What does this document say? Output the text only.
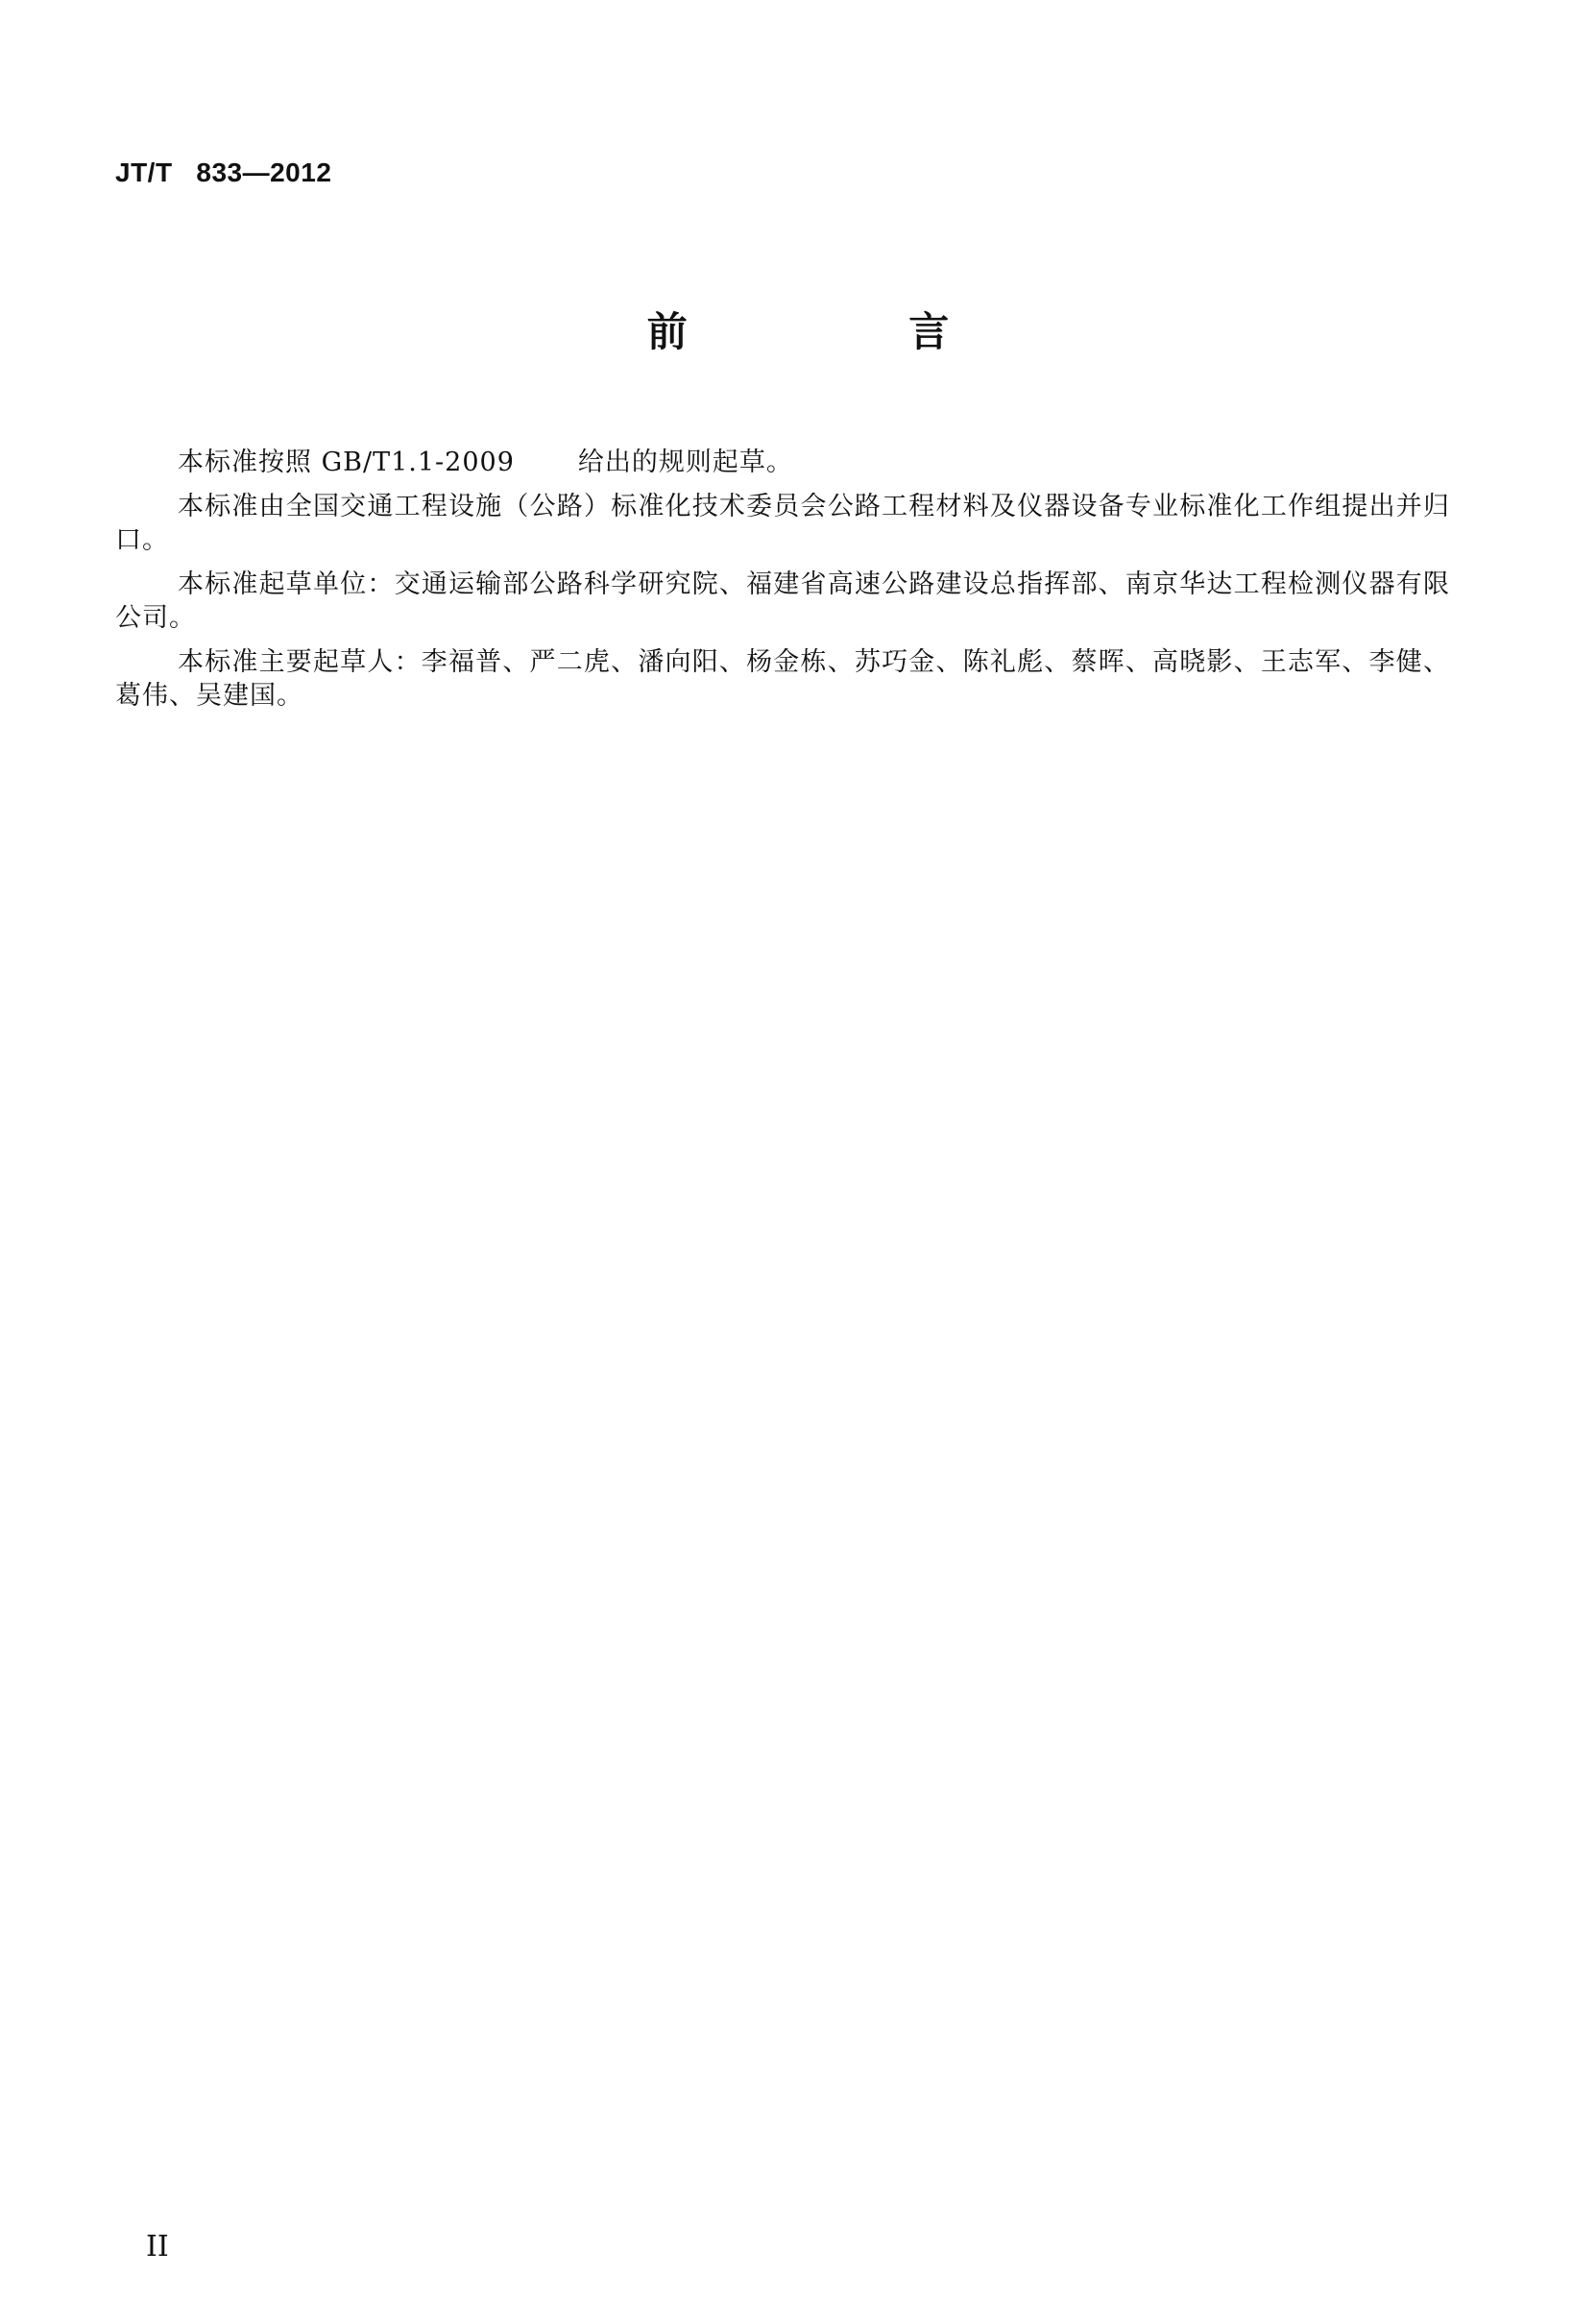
JT/T   833—2012
前 言

本标准按照 GB/T1.1-2009 给出的规则起草。

本标准由全国交通工程设施（公路）标准化技术委员会公路工程材料及仪器设备专业标准化工作组提出并归口。

本标准起草单位：交通运输部公路科学研究院、福建省高速公路建设总指挥部、南京华达工程检测仪器有限公司。

本标准主要起草人：李福普、严二虎、潘向阳、杨金栋、苏巧金、陈礼彪、蔡晖、高晓影、王志军、李健、 葛伟、吴建国。

II
